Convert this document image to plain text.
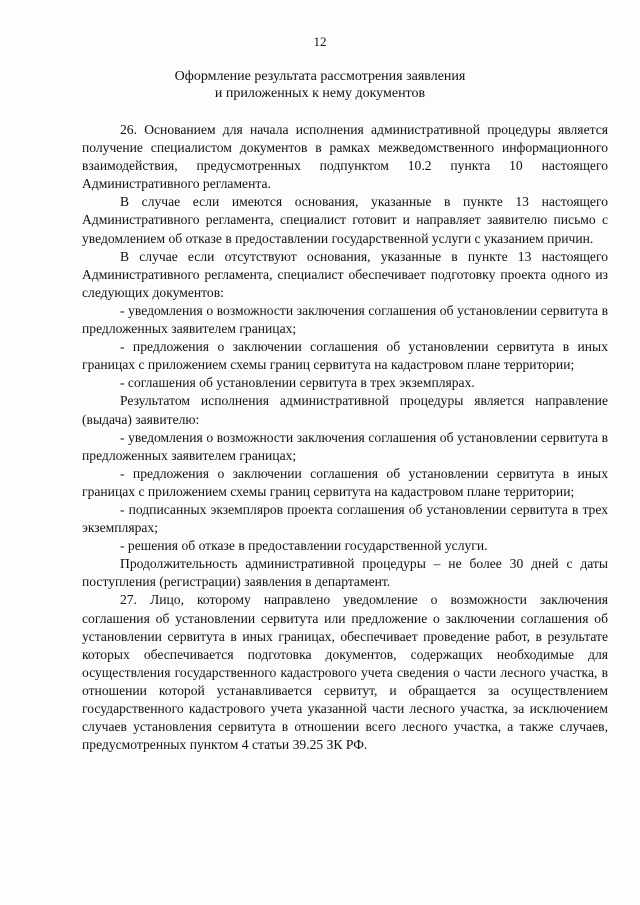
12
Оформление результата рассмотрения заявления
и приложенных к нему документов

26. Основанием для начала исполнения административной процедуры является получение специалистом документов в рамках межведомственного информационного взаимодействия, предусмотренных подпунктом 10.2 пункта 10 настоящего Административного регламента.

В случае если имеются основания, указанные в пункте 13 настоящего Административного регламента, специалист готовит и направляет заявителю письмо с уведомлением об отказе в предоставлении государственной услуги с указанием причин.

В случае если отсутствуют основания, указанные в пункте 13 настоящего Административного регламента, специалист обеспечивает подготовку проекта одного из следующих документов:

- уведомления о возможности заключения соглашения об установлении сервитута в предложенных заявителем границах;

- предложения о заключении соглашения об установлении сервитута в иных границах с приложением схемы границ сервитута на кадастровом плане территории;

- соглашения об установлении сервитута в трех экземплярах.

Результатом исполнения административной процедуры является направление (выдача) заявителю:

- уведомления о возможности заключения соглашения об установлении сервитута в предложенных заявителем границах;

- предложения о заключении соглашения об установлении сервитута в иных границах с приложением схемы границ сервитута на кадастровом плане территории;

- подписанных экземпляров проекта соглашения об установлении сервитута в трех экземплярах;

- решения об отказе в предоставлении государственной услуги.

Продолжительность административной процедуры – не более 30 дней с даты поступления (регистрации) заявления в департамент.

27. Лицо, которому направлено уведомление о возможности заключения соглашения об установлении сервитута или предложение о заключении соглашения об установлении сервитута в иных границах, обеспечивает проведение работ, в результате которых обеспечивается подготовка документов, содержащих необходимые для осуществления государственного кадастрового учета сведения о части лесного участка, в отношении которой устанавливается сервитут, и обращается за осуществлением государственного кадастрового учета указанной части лесного участка, за исключением случаев установления сервитута в отношении всего лесного участка, а также случаев, предусмотренных пунктом 4 статьи 39.25 ЗК РФ.
